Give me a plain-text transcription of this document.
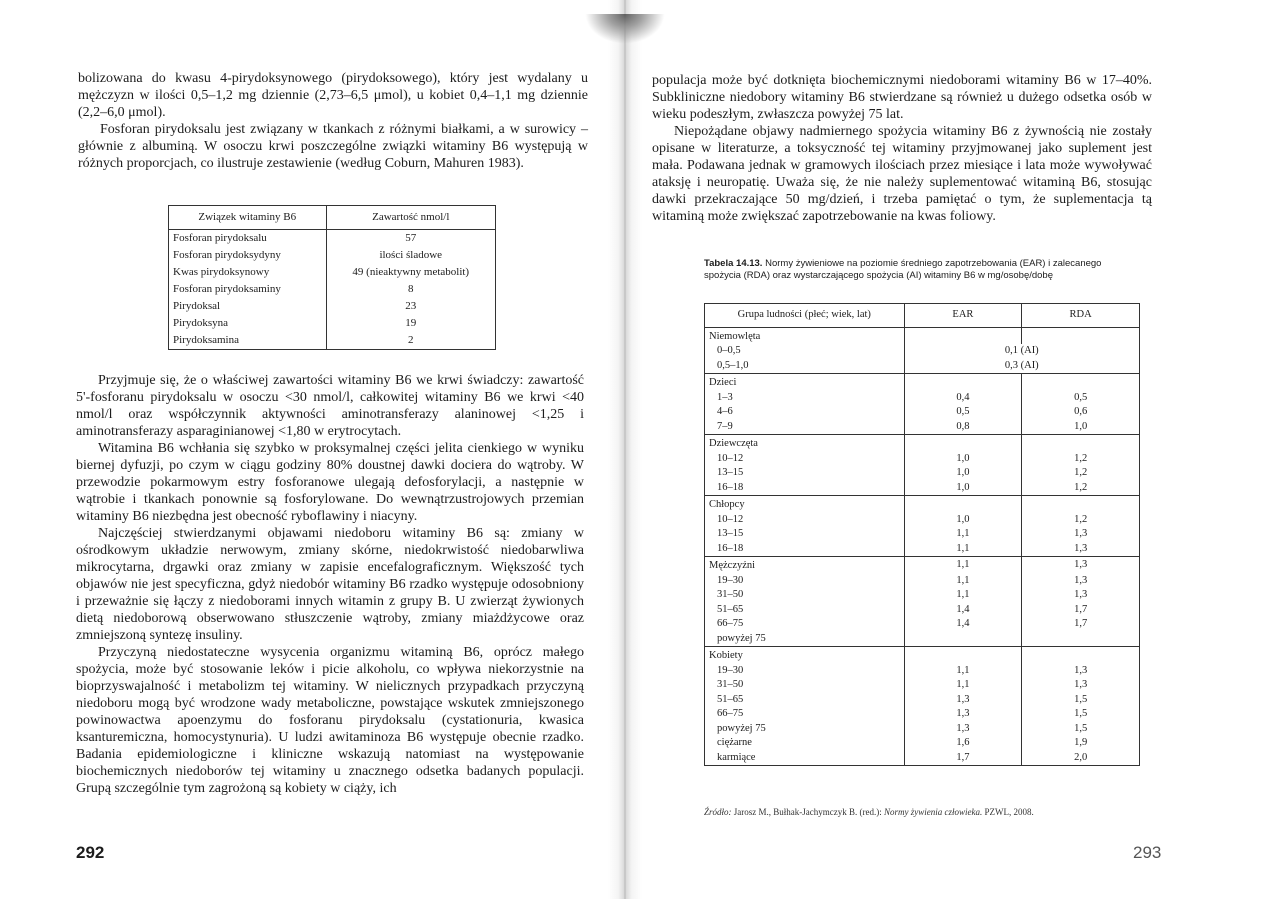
bolizowana do kwasu 4-pirydoksynowego (pirydoksowego), który jest wydalany u mężczyzn w ilości 0,5–1,2 mg dziennie (2,73–6,5 μmol), u kobiet 0,4–1,1 mg dziennie (2,2–6,0 μmol).

Fosforan pirydoksalu jest związany w tkankach z różnymi białkami, a w surowicy – głównie z albuminą. W osoczu krwi poszczególne związki witaminy B6 występują w różnych proporcjach, co ilustruje zestawienie (według Coburn, Mahuren 1983).

Związek witaminy B6	Zawartość nmol/l
Fosforan pirydoksalu	57
Fosforan pirydoksydyny	ilości śladowe
Kwas pirydoksynowy	49 (nieaktywny metabolit)
Fosforan pirydoksaminy	8
Pirydoksal	23
Pirydoksyna	19
Pirydoksamina	2

Przyjmuje się, że o właściwej zawartości witaminy B6 we krwi świadczy: zawartość 5'-fosforanu pirydoksalu w osoczu <30 nmol/l, całkowitej witaminy B6 we krwi <40 nmol/l oraz współczynnik aktywności aminotransferazy alaninowej <1,25 i aminotransferazy asparaginianowej <1,80 w erytrocytach.

Witamina B6 wchłania się szybko w proksymalnej części jelita cienkiego w wyniku biernej dyfuzji, po czym w ciągu godziny 80% doustnej dawki dociera do wątroby. W przewodzie pokarmowym estry fosforanowe ulegają defosforylacji, a następnie w wątrobie i tkankach ponownie są fosforylowane. Do wewnątrzustrojowych przemian witaminy B6 niezbędna jest obecność ryboflawiny i niacyny.

Najczęściej stwierdzanymi objawami niedoboru witaminy B6 są: zmiany w ośrodkowym układzie nerwowym, zmiany skórne, niedokrwistość niedobarwliwa mikrocytarna, drgawki oraz zmiany w zapisie encefalograficznym. Większość tych objawów nie jest specyficzna, gdyż niedobór witaminy B6 rzadko występuje odosobniony i przeważnie się łączy z niedoborami innych witamin z grupy B. U zwierząt żywionych dietą niedoborową obserwowano stłuszczenie wątroby, zmiany miażdżycowe oraz zmniejszoną syntezę insuliny.

Przyczyną niedostateczne wysycenia organizmu witaminą B6, oprócz małego spożycia, może być stosowanie leków i picie alkoholu, co wpływa niekorzystnie na bioprzyswajalność i metabolizm tej witaminy. W nielicznych przypadkach przyczyną niedoboru mogą być wrodzone wady metaboliczne, powstające wskutek zmniejszonego powinowactwa apoenzymu do fosforanu pirydoksalu (cystationuria, kwasica ksanturemiczna, homocystynuria). U ludzi awitaminoza B6 występuje obecnie rzadko. Badania epidemiologiczne i kliniczne wskazują natomiast na występowanie biochemicznych niedoborów tej witaminy u znacznego odsetka badanych populacji. Grupą szczególnie tym zagrożoną są kobiety w ciąży, ich

292

populacja może być dotknięta biochemicznymi niedoborami witaminy B6 w 17–40%. Subkliniczne niedobory witaminy B6 stwierdzane są również u dużego odsetka osób w wieku podeszłym, zwłaszcza powyżej 75 lat.

Niepożądane objawy nadmiernego spożycia witaminy B6 z żywnością nie zostały opisane w literaturze, a toksyczność tej witaminy przyjmowanej jako suplement jest mała. Podawana jednak w gramowych ilościach przez miesiące i lata może wywoływać ataksję i neuropatię. Uważa się, że nie należy suplementować witaminą B6, stosując dawki przekraczające 50 mg/dzień, i trzeba pamiętać o tym, że suplementacja tą witaminą może zwiększać zapotrzebowanie na kwas foliowy.

Tabela 14.13. Normy żywieniowe na poziomie średniego zapotrzebowania (EAR) i zalecanego spożycia (RDA) oraz wystarczającego spożycia (AI) witaminy B6 w mg/osobę/dobę
Grupa ludności (płeć; wiek, lat)	EAR	RDA
Niemowlęta		
0–0,5	0,1 (AI)	
0,5–1,0	0,3 (AI)	
Dzieci		
1–3	0,4	0,5
4–6	0,5	0,6
7–9	0,8	1,0
Dziewczęta		
10–12	1,0	1,2
13–15	1,0	1,2
16–18	1,0	1,2
Chłopcy		
10–12	1,0	1,2
13–15	1,1	1,3
16–18	1,1	1,3
Mężczyźni	1,1	1,3
19–30	1,1	1,3
31–50	1,1	1,3
51–65	1,4	1,7
66–75	1,4	1,7
powyżej 75		
Kobiety		
19–30	1,1	1,3
31–50	1,1	1,3
51–65	1,3	1,5
66–75	1,3	1,5
powyżej 75	1,3	1,5
ciężarne	1,6	1,9
karmiące	1,7	2,0
Źródło: Jarosz M., Bułhak-Jachymczyk B. (red.): Normy żywienia człowieka. PZWL, 2008.
293
